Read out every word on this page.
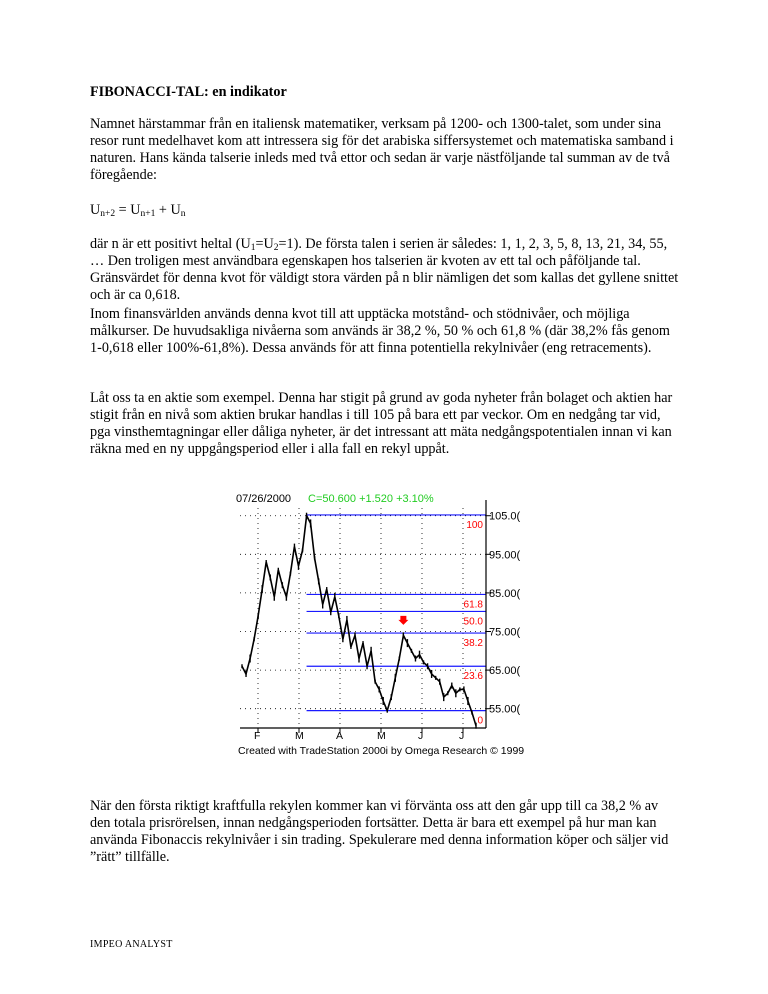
FIBONACCI-TAL: en indikator

Namnet härstammar från en italiensk matematiker, verksam på 1200- och 1300-talet, som under sina resor runt medelhavet kom att intressera sig för det arabiska siffersystemet och matematiska samband i naturen. Hans kända talserie inleds med två ettor och sedan är varje nästföljande tal summan av de två föregående:

$U_{n+2} = U_{n+1} + U_n$

där n är ett positivt heltal $(U_1=U_2=1)$. De första talen i serien är således: 1, 1, 2, 3, 5, 8, 13, 21, 34, 55, … Den troligen mest användbara egenskapen hos talserien är kvoten av ett tal och påföljande tal. Gränsvärdet för denna kvot för väldigt stora värden på n blir nämligen det som kallas det gyllene snittet och är ca 0,618.

Inom finansvärlden används denna kvot till att upptäcka motstånd- och stödnivåer, och möjliga målkurser. De huvudsakliga nivåerna som används är 38,2 %, 50 % och 61,8 % (där 38,2% fås genom 1-0,618 eller 100%-61,8%). Dessa används för att finna potentiella rekylnivåer (eng retracements).

Låt oss ta en aktie som exempel. Denna har stigit på grund av goda nyheter från bolaget och aktien har stigit från en nivå som aktien brukar handlas i till 105 på bara ett par veckor. Om en nedgång tar vid, pga vinsthemtagningar eller dåliga nyheter, är det intressant att mäta nedgångspotentialen innan vi kan räkna med en ny uppgångsperiod eller i alla fall en rekyl uppåt.

07/26/2000 C=50.600 +1.520 +3.10%
100
61.8
50.0
38.2
23.6
0
105.0(
95.00(
85.00(
75.00(
65.00(
55.00(
F	M	A	M	J	J
Created with TradeStation 2000i by Omega Research © 1999

När den första riktigt kraftfulla rekylen kommer kan vi förvänta oss att den går upp till ca 38,2 % av den totala prisrörelsen, innan nedgångsperioden fortsätter. Detta är bara ett exempel på hur man kan använda Fibonaccis rekylnivåer i sin trading. Spekulerare med denna information köper och säljer vid ”rätt” tillfälle.

IMPEO ANALYST
